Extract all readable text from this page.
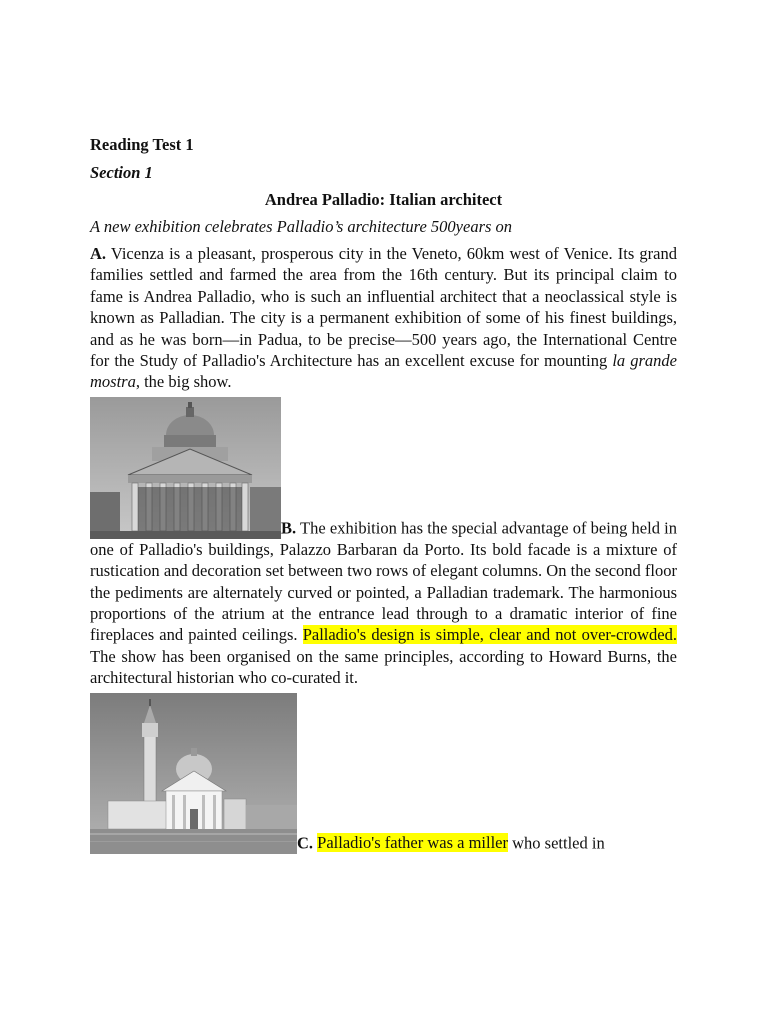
Reading Test 1
Section 1
Andrea Palladio: Italian architect
A new exhibition celebrates Palladio’s architecture 500years on

A. Vicenza is a pleasant, prosperous city in the Veneto, 60km west of Venice. Its grand families settled and farmed the area from the 16th century. But its principal claim to fame is Andrea Palladio, who is such an influential architect that a neoclassical style is known as Palladian. The city is a permanent exhibition of some of his finest buildings, and as he was born—in Padua, to be precise—500 years ago, the International Centre for the Study of Palladio's Architecture has an excellent excuse for mounting la grande mostra, the big show.

B. The exhibition has the special advantage of being held in one of Palladio's buildings, Palazzo Barbaran da Porto. Its bold facade is a mixture of rustication and decoration set between two rows of elegant columns. On the second floor the pediments are alternately curved or pointed, a Palladian trademark. The harmonious proportions of the atrium at the entrance lead through to a dramatic interior of fine fireplaces and painted ceilings. Palladio's design is simple, clear and not over-crowded. The show has been organised on the same principles, according to Howard Burns, the architectural historian who co-curated it.

C. Palladio's father was a miller who settled in
